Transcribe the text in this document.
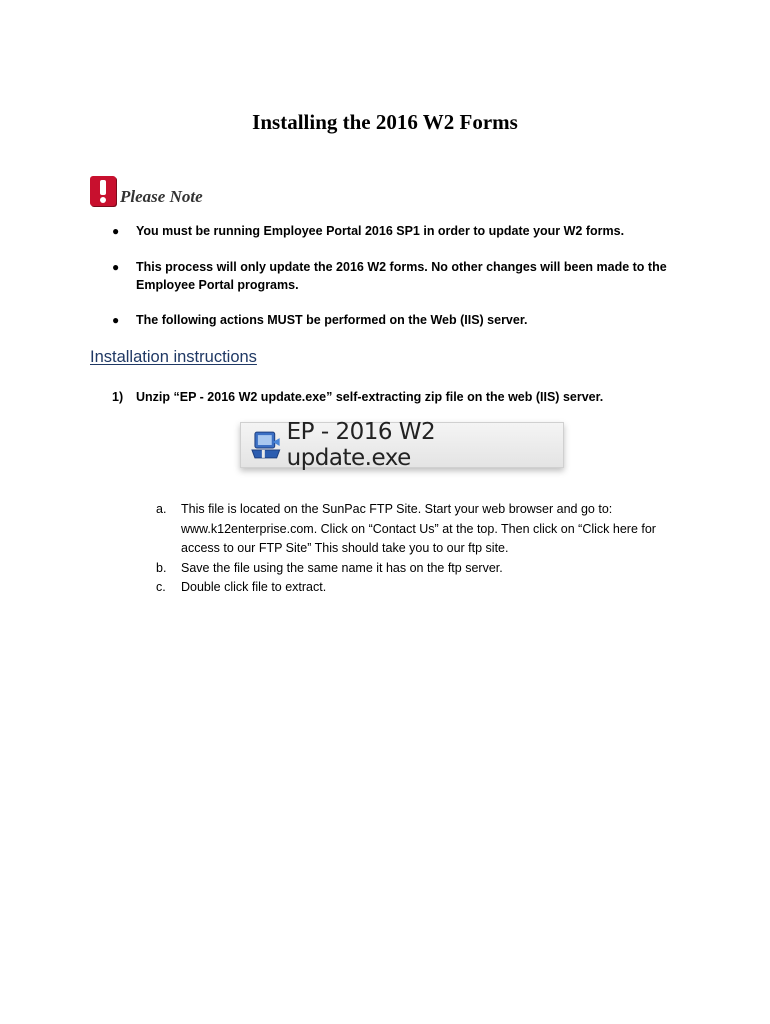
Installing the 2016 W2 Forms
Please Note
● You must be running Employee Portal 2016 SP1 in order to update your W2 forms.
● This process will only update the 2016 W2 forms. No other changes will been made to the
Employee Portal programs.
● The following actions MUST be performed on the Web (IIS) server.
Installation instructions
1) Unzip “EP - 2016 W2 update.exe” self-extracting zip file on the web (IIS) server.
EP - 2016 W2 update.exe
a. This file is located on the SunPac FTP Site. Start your web browser and go to:
www.k12enterprise.com. Click on “Contact Us” at the top. Then click on “Click here for
access to our FTP Site” This should take you to our ftp site.
b. Save the file using the same name it has on the ftp server.
c. Double click file to extract.
